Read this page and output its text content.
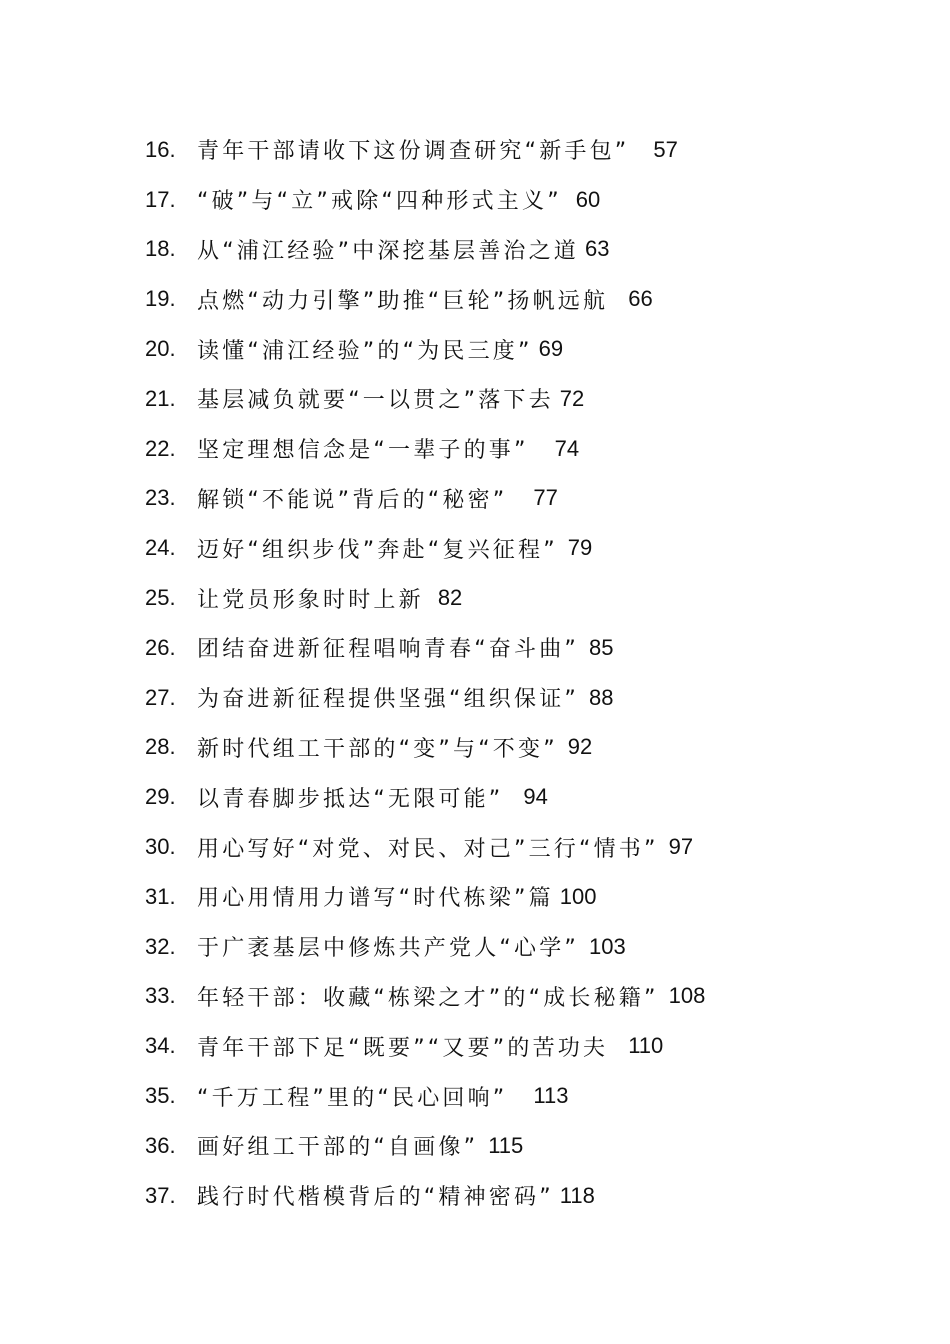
16. 青年干部请收下这份调查研究“新手包” 57
17. “破”与“立”戒除“四种形式主义” 60
18. 从“浦江经验”中深挖基层善治之道 63
19. 点燃“动力引擎”助推“巨轮”扬帆远航 66
20. 读懂“浦江经验”的“为民三度” 69
21. 基层减负就要“一以贯之”落下去 72
22. 坚定理想信念是“一辈子的事” 74
23. 解锁“不能说”背后的“秘密” 77
24. 迈好“组织步伐”奔赴“复兴征程” 79
25. 让党员形象时时上新 82
26. 团结奋进新征程唱响青春“奋斗曲” 85
27. 为奋进新征程提供坚强“组织保证” 88
28. 新时代组工干部的“变”与“不变” 92
29. 以青春脚步抵达“无限可能” 94
30. 用心写好“对党、对民、对己”三行“情书” 97
31. 用心用情用力谱写“时代栋梁”篇 100
32. 于广袤基层中修炼共产党人“心学” 103
33. 年轻干部：收藏“栋梁之才”的“成长秘籍” 108
34. 青年干部下足“既要”“又要”的苦功夫 110
35. “千万工程”里的“民心回响” 113
36. 画好组工干部的“自画像” 115
37. 践行时代楷模背后的“精神密码” 118
